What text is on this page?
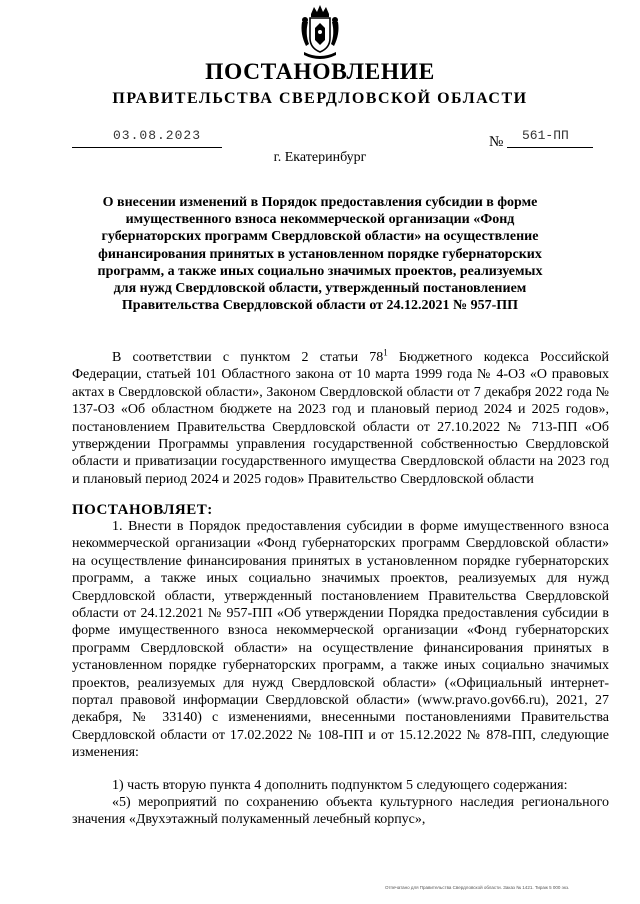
ПОСТАНОВЛЕНИЕ
ПРАВИТЕЛЬСТВА СВЕРДЛОВСКОЙ ОБЛАСТИ
03.08.2023	№ 561-ПП
г. Екатеринбург
О внесении изменений в Порядок предоставления субсидии в форме имущественного взноса некоммерческой организации «Фонд губернаторских программ Свердловской области» на осуществление финансирования принятых в установленном порядке губернаторских программ, а также иных социально значимых проектов, реализуемых для нужд Свердловской области, утвержденный постановлением Правительства Свердловской области от 24.12.2021 № 957-ПП

В соответствии с пунктом 2 статьи $78^1$ Бюджетного кодекса Российской Федерации, статьей 101 Областного закона от 10 марта 1999 года № 4-ОЗ «О правовых актах в Свердловской области», Законом Свердловской области от 7 декабря 2022 года № 137-ОЗ «Об областном бюджете на 2023 год и плановый период 2024 и 2025 годов», постановлением Правительства Свердловской области от 27.10.2022 № 713-ПП «Об утверждении Программы управления государственной собственностью Свердловской области и приватизации государственного имущества Свердловской области на 2023 год и плановый период 2024 и 2025 годов» Правительство Свердловской области

ПОСТАНОВЛЯЕТ:

1. Внести в Порядок предоставления субсидии в форме имущественного взноса некоммерческой организации «Фонд губернаторских программ Свердловской области» на осуществление финансирования принятых в установленном порядке губернаторских программ, а также иных социально значимых проектов, реализуемых для нужд Свердловской области, утвержденный постановлением Правительства Свердловской области от 24.12.2021 № 957-ПП «Об утверждении Порядка предоставления субсидии в форме имущественного взноса некоммерческой организации «Фонд губернаторских программ Свердловской области» на осуществление финансирования принятых в установленном порядке губернаторских программ, а также иных социально значимых проектов, реализуемых для нужд Свердловской области» («Официальный интернет-портал правовой информации Свердловской области» (www.pravo.gov66.ru), 2021, 27 декабря, № 33140) с изменениями, внесенными постановлениями Правительства Свердловской области от 17.02.2022 № 108-ПП и от 15.12.2022 № 878-ПП, следующие изменения:

1) часть вторую пункта 4 дополнить подпунктом 5 следующего содержания:

«5) мероприятий по сохранению объекта культурного наследия регионального значения «Двухэтажный полукаменный лечебный корпус»,

Отпечатано для Правительства Свердловской области. Заказ № 1421. Тираж 5 000 экз.
